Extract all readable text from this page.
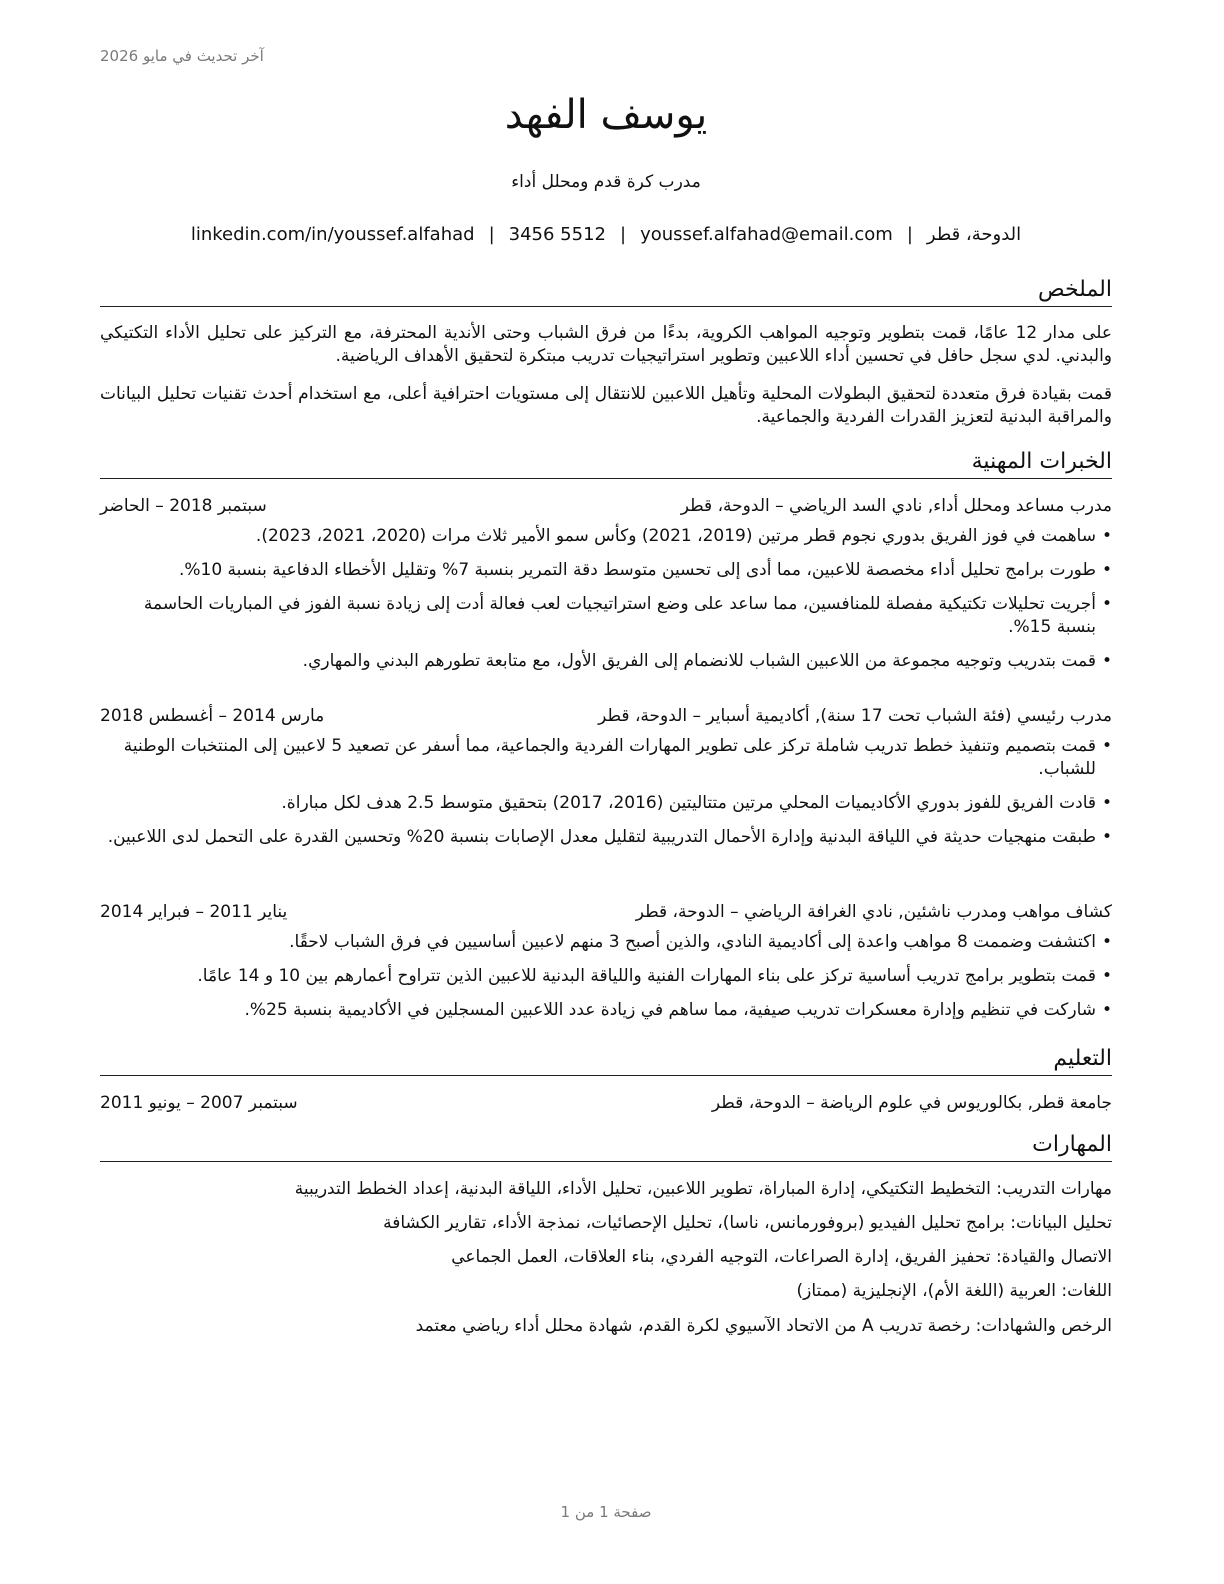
آخر تحديث في مايو 2026
يوسف الفهد
مدرب كرة قدم ومحلل أداء
الدوحة، قطر|youssef.alfahad@email.com|3456 5512|linkedin.com/in/youssef.alfahad
الملخص

على مدار 12 عامًا، قمت بتطوير وتوجيه المواهب الكروية، بدءًا من فرق الشباب وحتى الأندية المحترفة، مع التركيز على تحليل الأداء التكتيكي والبدني. لدي سجل حافل في تحسين أداء اللاعبين وتطوير استراتيجيات تدريب مبتكرة لتحقيق الأهداف الرياضية.

قمت بقيادة فرق متعددة لتحقيق البطولات المحلية وتأهيل اللاعبين للانتقال إلى مستويات احترافية أعلى، مع استخدام أحدث تقنيات تحليل البيانات والمراقبة البدنية لتعزيز القدرات الفردية والجماعية.

الخبرات المهنية
مدرب مساعد ومحلل أداء, نادي السد الرياضي – الدوحة، قطر
سبتمبر 2018 – الحاضر
• ساهمت في فوز الفريق بدوري نجوم قطر مرتين (2019، 2021) وكأس سمو الأمير ثلاث مرات (2020، 2021، 2023).
• طورت برامج تحليل أداء مخصصة للاعبين، مما أدى إلى تحسين متوسط دقة التمرير بنسبة 7% وتقليل الأخطاء الدفاعية بنسبة 10%.
• أجريت تحليلات تكتيكية مفصلة للمنافسين، مما ساعد على وضع استراتيجيات لعب فعالة أدت إلى زيادة نسبة الفوز في المباريات الحاسمة بنسبة 15%.
• قمت بتدريب وتوجيه مجموعة من اللاعبين الشباب للانضمام إلى الفريق الأول، مع متابعة تطورهم البدني والمهاري.
مدرب رئيسي (فئة الشباب تحت 17 سنة), أكاديمية أسباير – الدوحة، قطر
مارس 2014 – أغسطس 2018
• قمت بتصميم وتنفيذ خطط تدريب شاملة تركز على تطوير المهارات الفردية والجماعية، مما أسفر عن تصعيد 5 لاعبين إلى المنتخبات الوطنية للشباب.
• قادت الفريق للفوز بدوري الأكاديميات المحلي مرتين متتاليتين (2016، 2017) بتحقيق متوسط 2.5 هدف لكل مباراة.
• طبقت منهجيات حديثة في اللياقة البدنية وإدارة الأحمال التدريبية لتقليل معدل الإصابات بنسبة 20% وتحسين القدرة على التحمل لدى اللاعبين.
كشاف مواهب ومدرب ناشئين, نادي الغرافة الرياضي – الدوحة، قطر
يناير 2011 – فبراير 2014
• اكتشفت وضممت 8 مواهب واعدة إلى أكاديمية النادي، والذين أصبح 3 منهم لاعبين أساسيين في فرق الشباب لاحقًا.
• قمت بتطوير برامج تدريب أساسية تركز على بناء المهارات الفنية واللياقة البدنية للاعبين الذين تتراوح أعمارهم بين 10 و 14 عامًا.
• شاركت في تنظيم وإدارة معسكرات تدريب صيفية، مما ساهم في زيادة عدد اللاعبين المسجلين في الأكاديمية بنسبة 25%.
التعليم
جامعة قطر, بكالوريوس في علوم الرياضة – الدوحة، قطر
سبتمبر 2007 – يونيو 2011
المهارات
مهارات التدريب: التخطيط التكتيكي، إدارة المباراة، تطوير اللاعبين، تحليل الأداء، اللياقة البدنية، إعداد الخطط التدريبية
تحليل البيانات: برامج تحليل الفيديو (بروفورمانس، ناسا)، تحليل الإحصائيات، نمذجة الأداء، تقارير الكشافة
الاتصال والقيادة: تحفيز الفريق، إدارة الصراعات، التوجيه الفردي، بناء العلاقات، العمل الجماعي
اللغات: العربية (اللغة الأم)، الإنجليزية (ممتاز)
الرخص والشهادات: رخصة تدريب A من الاتحاد الآسيوي لكرة القدم، شهادة محلل أداء رياضي معتمد
صفحة 1 من 1
